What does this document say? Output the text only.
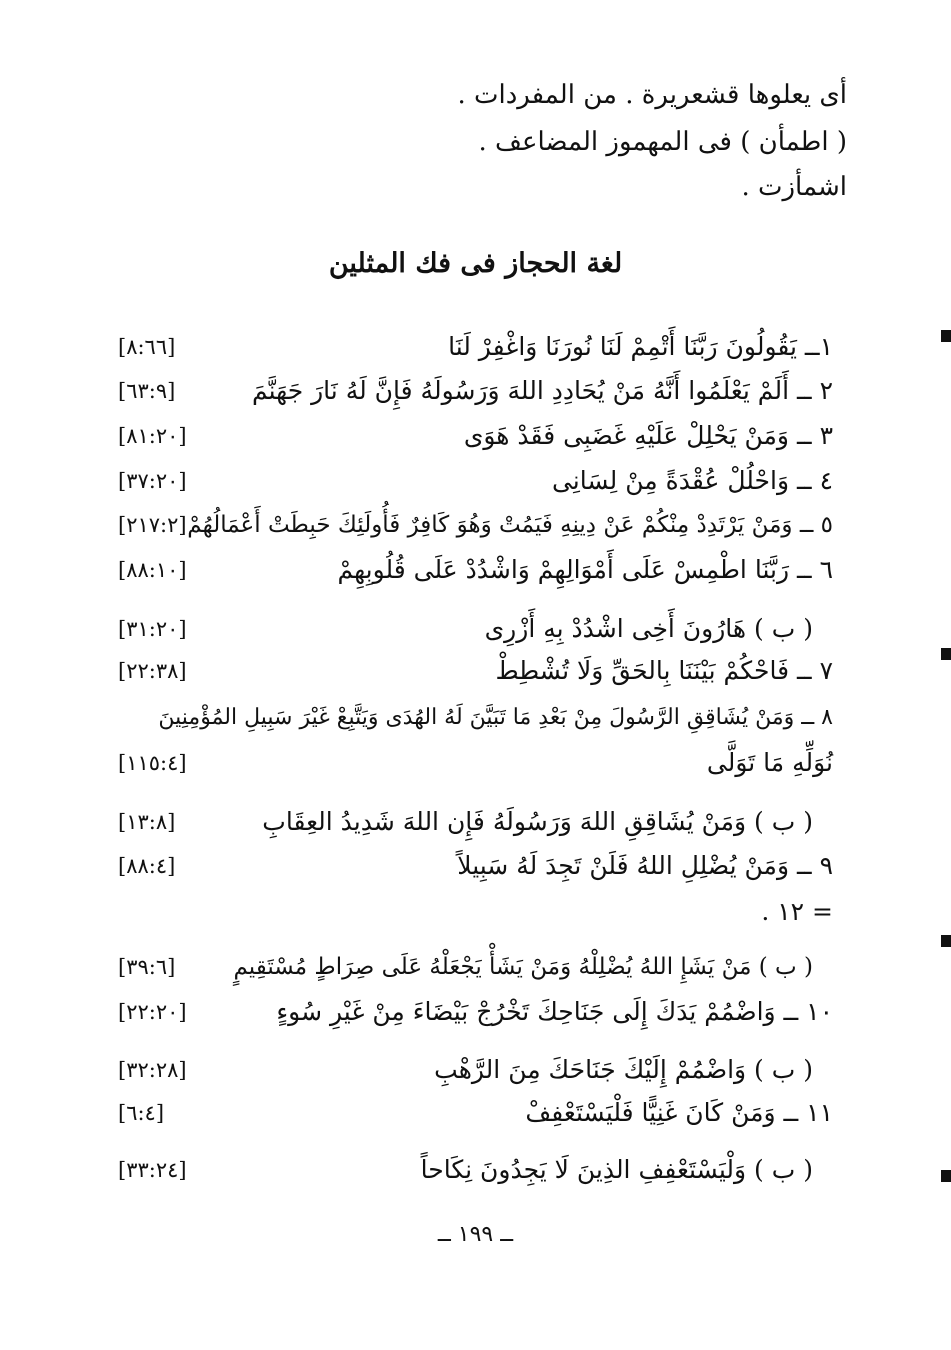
أى يعلوها قشعريرة . من المفردات .
( اطمأن ) فى المهموز المضاعف .
اشمأزت .
لغة الحجاز فى فك المثلين
١ــ يَقُولُونَ رَبَّنَا أَتْمِمْ لَنَا نُورَنَا وَاغْفِرْ لَنَا
[٨:٦٦]
٢ ــ أَلَمْ يَعْلَمُوا أَنَّهُ مَنْ يُحَادِدِ اللهَ وَرَسُولَهُ فَإِنَّ لَهُ نَارَ جَهَنَّمَ
[٦٣:٩]
٣ ــ وَمَنْ يَحْلِلْ عَلَيْهِ غَضَبِى فَقَدْ هَوَى
[٨١:٢٠]
٤ ــ وَاحْلُلْ عُقْدَةً مِنْ لِسَانِى
[٣٧:٢٠]
٥ ــ وَمَنْ يَرْتَدِدْ مِنْكُمْ عَنْ دِينِهِ فَيَمُتْ وَهُوَ كَافِرٌ فَأُولَئِكَ حَبِطَتْ أَعْمَالُهُمْ
[٢١٧:٢]
٦ ــ رَبَّنَا اطْمِسْ عَلَى أَمْوَالِهِمْ وَاشْدُدْ عَلَى قُلُوبِهِمْ
[٨٨:١٠]
( ب ) هَارُونَ أَخِى اشْدُدْ بِهِ أَزْرِى
[٣١:٢٠]
٧ ــ فَاحْكُمْ بَيْنَنَا بِالحَقِّ وَلَا تُشْطِطْ
[٢٢:٣٨]
٨ ــ وَمَنْ يُشَاقِقِ الرَّسُولَ مِنْ بَعْدِ مَا تَبَيَّنَ لَهُ الهُدَى وَيَتَّبِعْ غَيْرَ سَبِيلِ المُؤْمِنِينَ
نُوَلِّهِ مَا تَوَلَّى
[١١٥:٤]
( ب ) وَمَنْ يُشَاقِقِ اللهَ وَرَسُولَهُ فَإِن اللهَ شَدِيدُ العِقَابِ
[١٣:٨]
٩ ــ وَمَنْ يُضْلِلِ اللهُ فَلَنْ تَجِدَ لَهُ سَبِيلاً
[٨٨:٤]
= ١٢ .
( ب ) مَنْ يَشَإِ اللهُ يُضْلِلْهُ وَمَنْ يَشَأْ يَجْعَلْهُ عَلَى صِرَاطٍ مُسْتَقِيمٍ
[٣٩:٦]
١٠ ــ وَاضْمُمْ يَدَكَ إِلَى جَنَاحِكَ تَخْرُجْ بَيْضَاءَ مِنْ غَيْرِ سُوءٍ
[٢٢:٢٠]
( ب ) وَاضْمُمْ إِلَيْكَ جَنَاحَكَ مِنَ الرَّهْبِ
[٣٢:٢٨]
١١ ــ وَمَنْ كَانَ غَنِيًّا فَلْيَسْتَعْفِفْ
[٦:٤]
( ب ) وَلْيَسْتَعْفِفِ الذِينَ لَا يَجِدُونَ نِكَاحاً
[٣٣:٢٤]
ــ ١٩٩ ــ
